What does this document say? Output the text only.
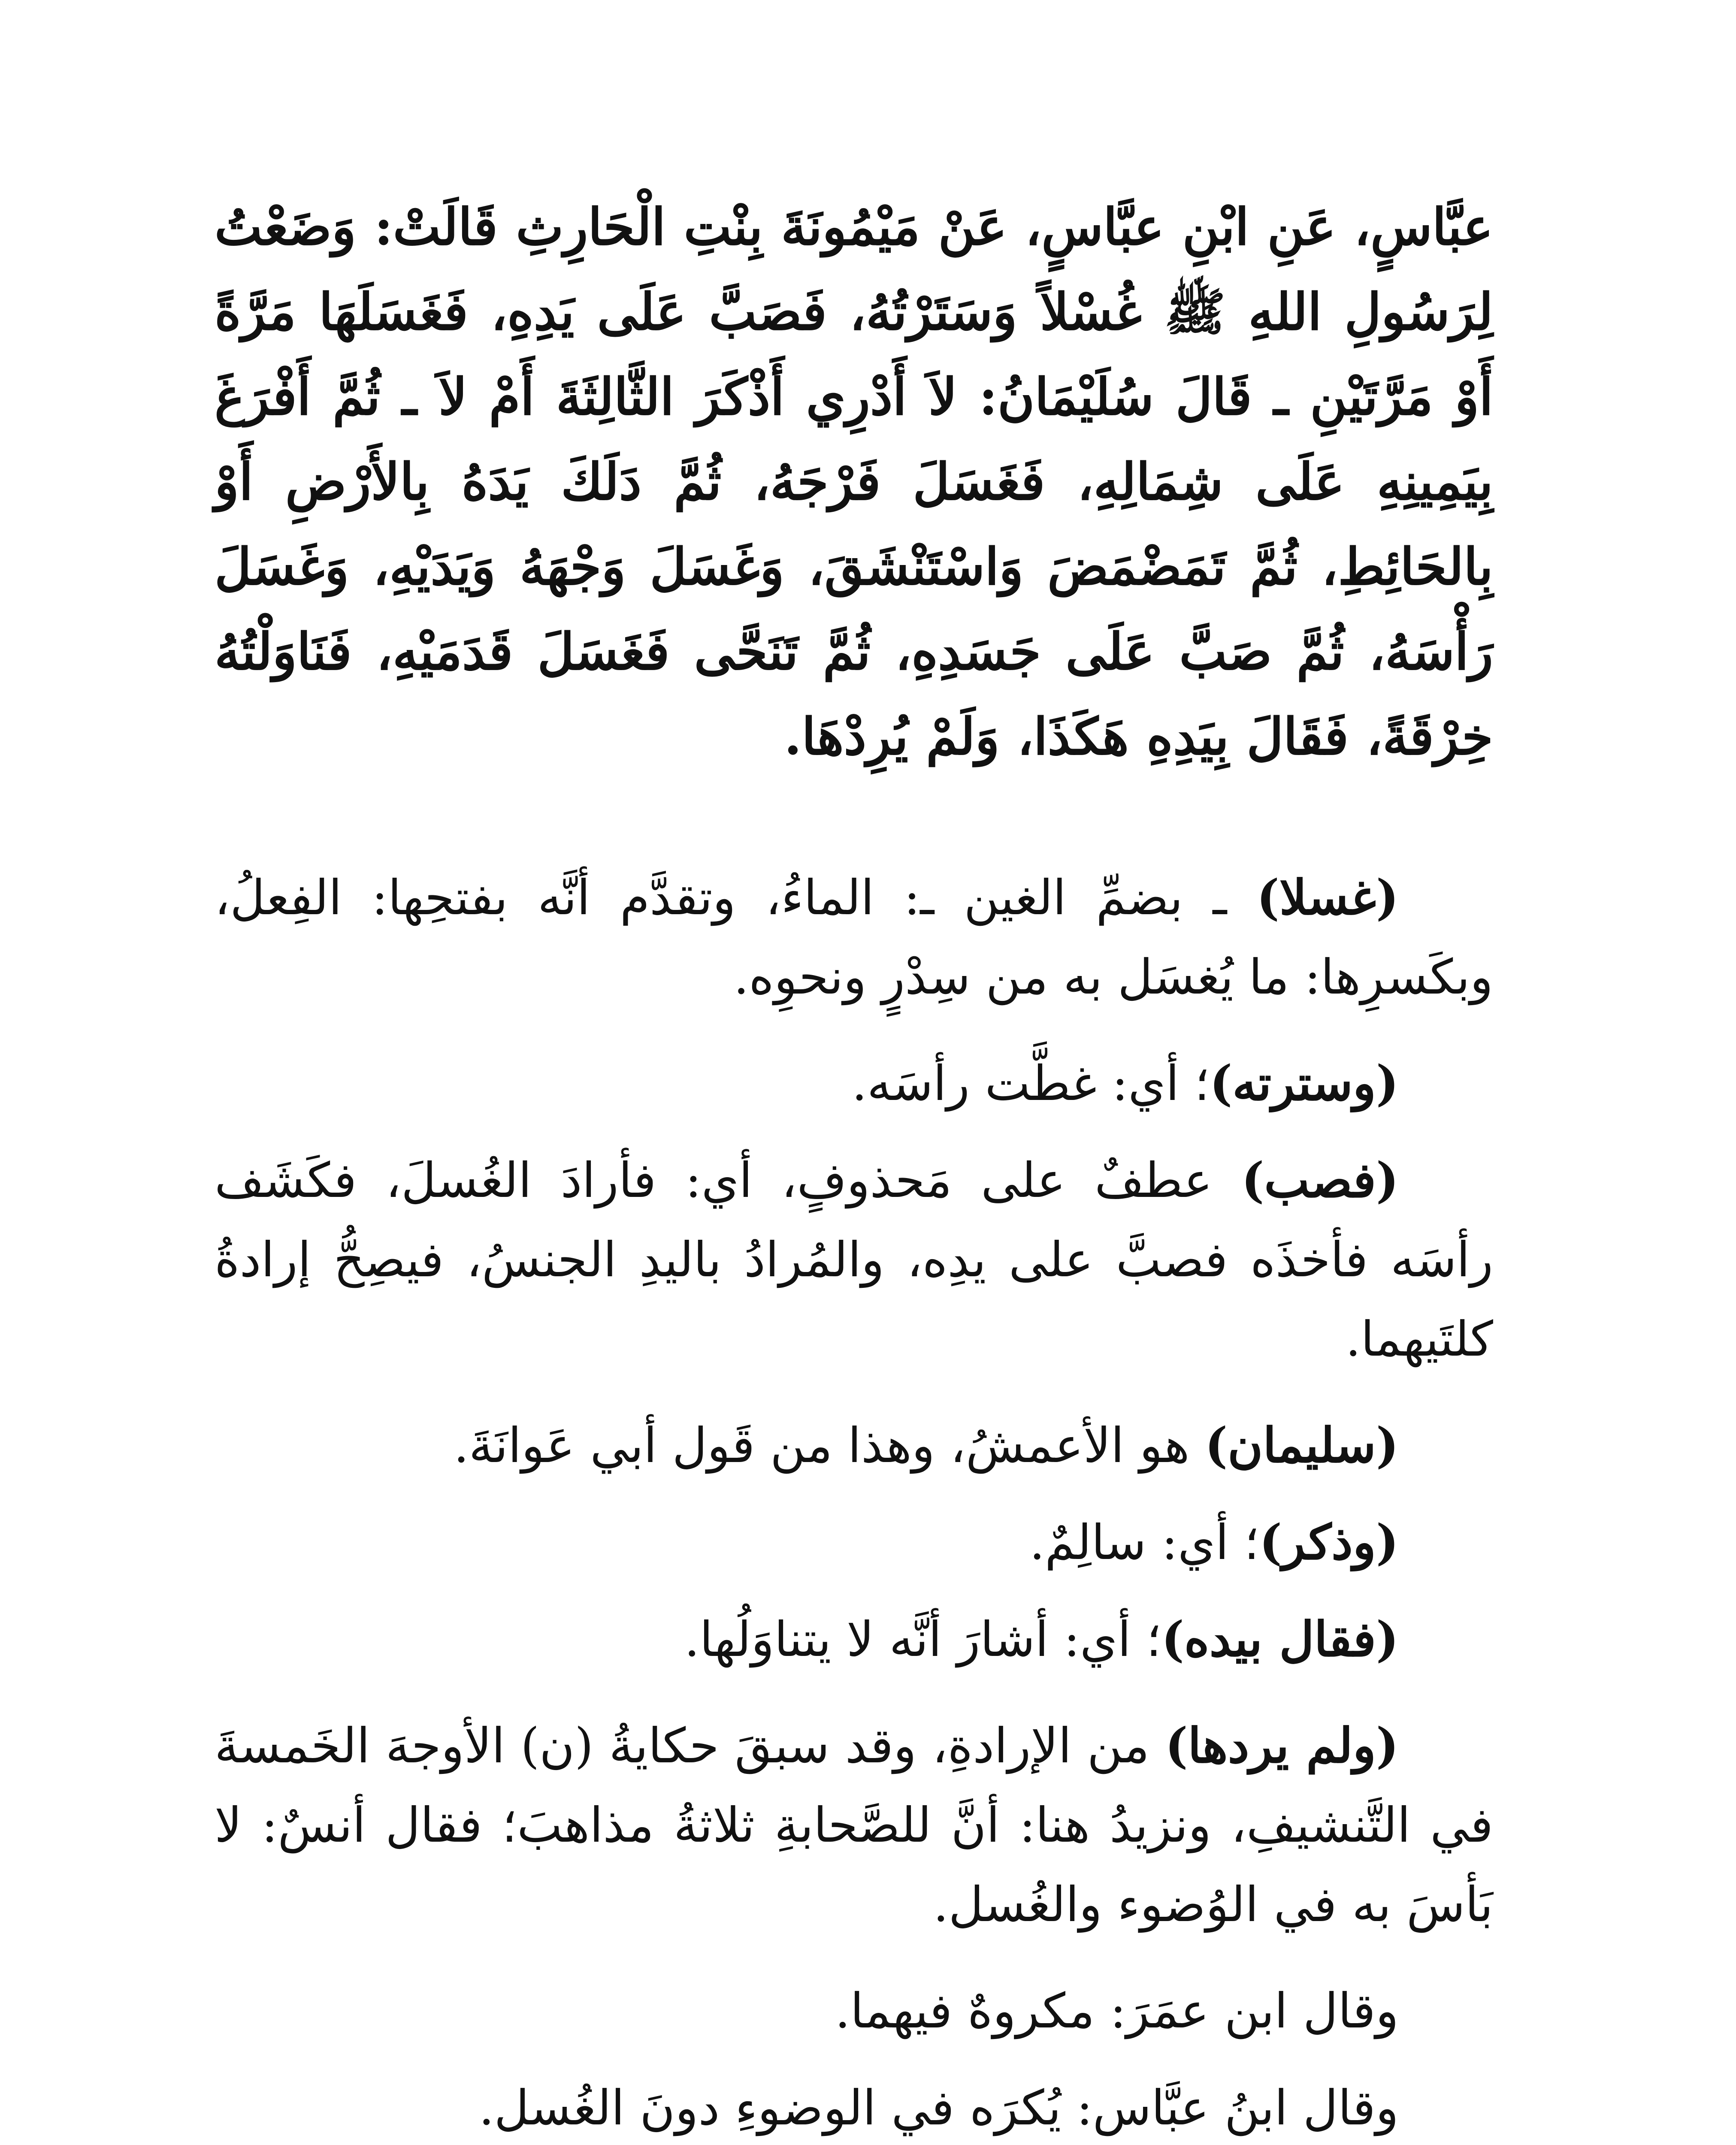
عبَّاسٍ، عَنِ ابْنِ عبَّاسٍ، عَنْ مَيْمُونَةَ بِنْتِ الْحَارِثِ قَالَتْ: وَضَعْتُ لِرَسُولِ اللهِ ﷺ غُسْلاً وَسَتَرْتُهُ، فَصَبَّ عَلَى يَدِهِ، فَغَسَلَهَا مَرَّةً أَوْ مَرَّتَيْنِ ـ قَالَ سُلَيْمَانُ: لاَ أَدْرِي أَذْكَرَ الثَّالِثَةَ أَمْ لاَ ـ ثُمَّ أَفْرَغَ بِيَمِينِهِ عَلَى شِمَالِهِ، فَغَسَلَ فَرْجَهُ، ثُمَّ دَلَكَ يَدَهُ بِالأَرْضِ أَوْ بِالحَائِطِ، ثُمَّ تَمَضْمَضَ وَاسْتَنْشَقَ، وَغَسَلَ وَجْهَهُ وَيَدَيْهِ، وَغَسَلَ رَأْسَهُ، ثُمَّ صَبَّ عَلَى جَسَدِهِ، ثُمَّ تَنَحَّى فَغَسَلَ قَدَمَيْهِ، فَنَاوَلْتُهُ خِرْقَةً، فَقَالَ بِيَدِهِ هَكَذَا، وَلَمْ يُرِدْهَا.

(غسلا) ـ بضمِّ الغين ـ: الماءُ، وتقدَّم أنَّه بفتحِها: الفِعلُ، وبكَسرِها: ما يُغسَل به من سِدْرٍ ونحوِه.

(وسترته)؛ أي: غطَّت رأسَه.

(فصب) عطفٌ على مَحذوفٍ، أي: فأرادَ الغُسلَ، فكَشَف رأسَه فأخذَه فصبَّ على يدِه، والمُرادُ باليدِ الجنسُ، فيصِحُّ إرادةُ كلتَيهما.

(سليمان) هو الأعمشُ، وهذا من قَول أبي عَوانَةَ.

(وذكر)؛ أي: سالِمٌ.

(فقال بيده)؛ أي: أشارَ أنَّه لا يتناوَلُها.

(ولم يردها) من الإرادةِ، وقد سبقَ حكايةُ (ن) الأوجهَ الخَمسةَ في التَّنشيفِ، ونزيدُ هنا: أنَّ للصَّحابةِ ثلاثةُ مذاهبَ؛ فقال أنسٌ: لا بَأسَ به في الوُضوء والغُسل.

وقال ابن عمَرَ: مكروهٌ فيهما.

وقال ابنُ عبَّاس: يُكرَه في الوضوءِ دونَ الغُسل.
